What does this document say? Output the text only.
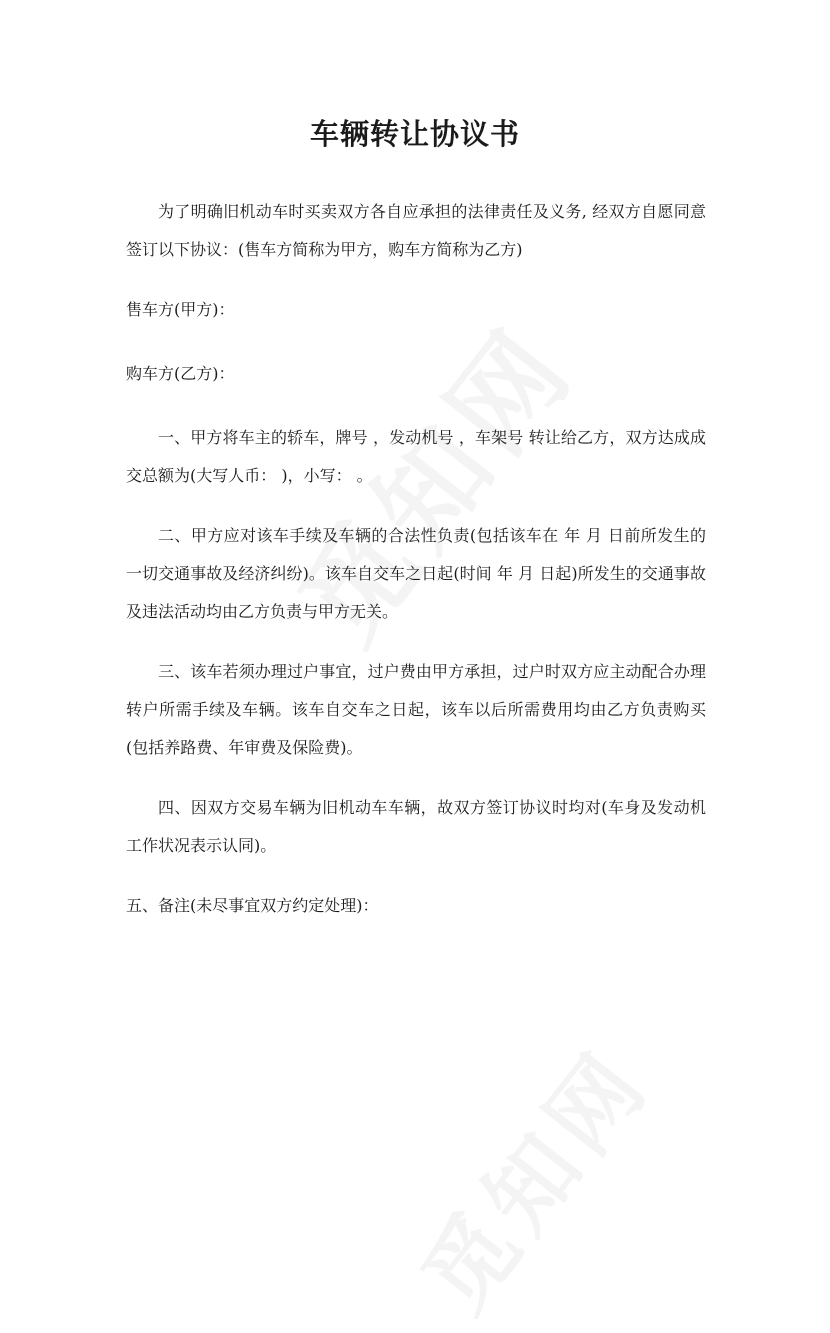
车辆转让协议书

为了明确旧机动车时买卖双方各自应承担的法律责任及义务, 经双方自愿同意签订以下协议：(售车方简称为甲方，购车方简称为乙方)

售车方(甲方)：

购车方(乙方)：

一、甲方将车主的轿车，牌号 ，发动机号 ，车架号 转让给乙方，双方达成成交总额为(大写人币： )，小写： 。

二、甲方应对该车手续及车辆的合法性负责(包括该车在 年 月 日前所发生的一切交通事故及经济纠纷)。该车自交车之日起(时间 年 月 日起)所发生的交通事故及违法活动均由乙方负责与甲方无关。

三、该车若须办理过户事宜，过户费由甲方承担，过户时双方应主动配合办理转户所需手续及车辆。该车自交车之日起，该车以后所需费用均由乙方负责购买(包括养路费、年审费及保险费)。

四、因双方交易车辆为旧机动车车辆，故双方签订协议时均对(车身及发动机工作状况表示认同)。

五、备注(未尽事宜双方约定处理)：
